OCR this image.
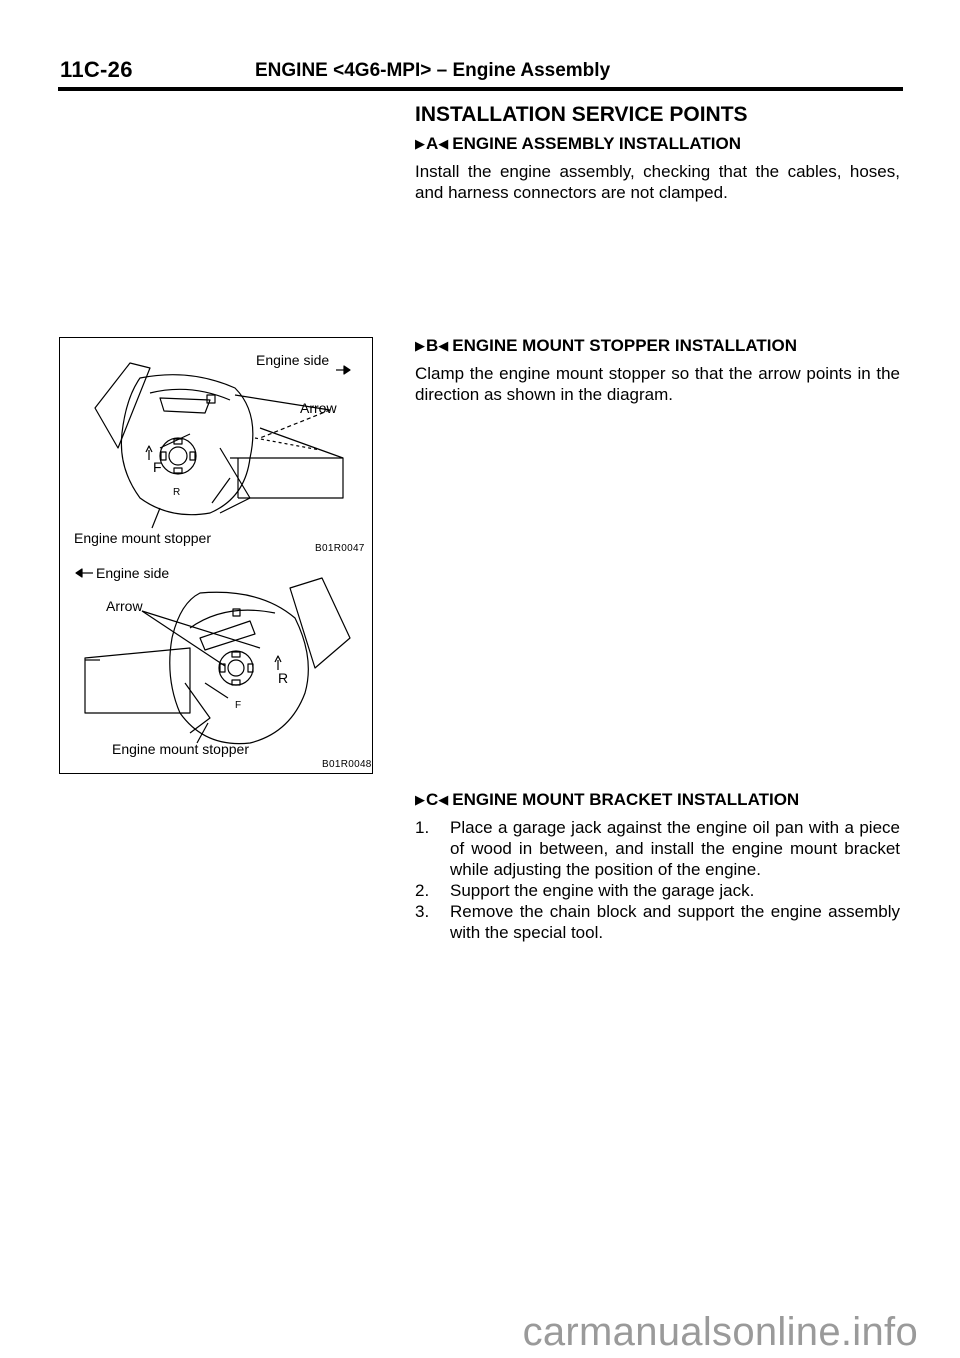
11C-26	ENGINE <4G6-MPI> – Engine Assembly
INSTALLATION SERVICE POINTS
▶ A ◀ ENGINE ASSEMBLY INSTALLATION
Install the engine assembly, checking that the cables, hoses, and harness connectors are not clamped.
▶ B ◀ ENGINE MOUNT STOPPER INSTALLATION
Clamp the engine mount stopper so that the arrow points in the direction as shown in the diagram.
▶ C ◀ ENGINE MOUNT BRACKET INSTALLATION
1.	Place a garage jack against the engine oil pan with a piece of wood in between, and install the engine mount bracket while adjusting the position of the engine.
2.	Support the engine with the garage jack.
3.	Remove the chain block and support the engine assembly with the special tool.
Engine side
Arrow
F
R
Engine mount stopper
B01R0047
Engine side
Arrow
R
F
Engine mount stopper
B01R0048
carmanualsonline.info
